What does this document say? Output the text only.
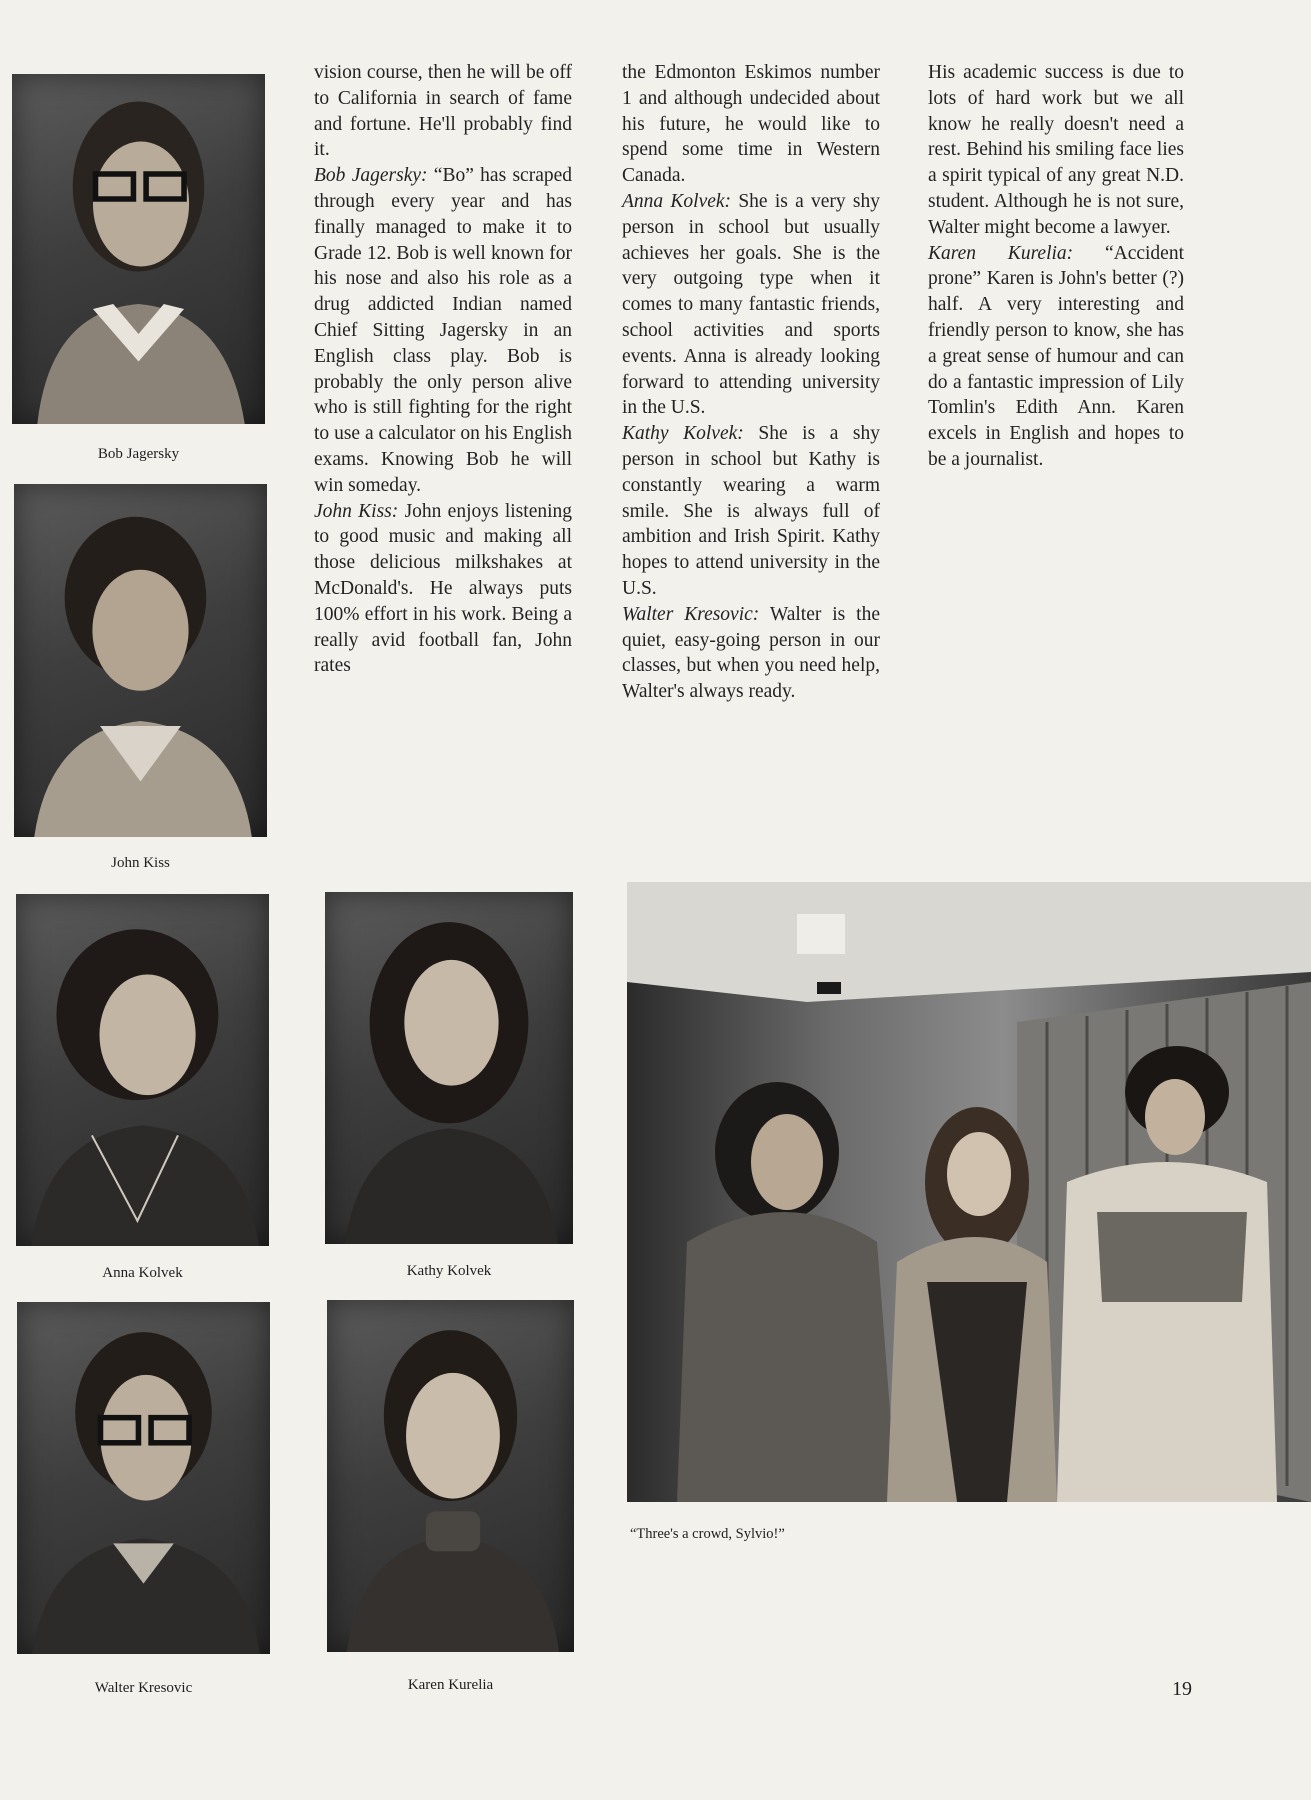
Bob Jagersky
John Kiss
Anna Kolvek	Kathy Kolvek
Walter Kresovic	Karen Kurelia

vision course, then he will be off to California in search of fame and fortune. He'll probably find it.

Bob Jagersky: “Bo” has scraped through every year and has finally managed to make it to Grade 12. Bob is well known for his nose and also his role as a drug addicted Indian named Chief Sitting Jagersky in an English class play. Bob is probably the only person alive who is still fighting for the right to use a calculator on his English exams. Knowing Bob he will win someday.

John Kiss: John enjoys listening to good music and making all those delicious milkshakes at McDonald's. He always puts 100% effort in his work. Being a really avid football fan, John rates

the Edmonton Eskimos number 1 and although undecided about his future, he would like to spend some time in Western Canada.

Anna Kolvek: She is a very shy person in school but usually achieves her goals. She is the very outgoing type when it comes to many fantastic friends, school activities and sports events. Anna is already looking forward to attending university in the U.S.

Kathy Kolvek: She is a shy person in school but Kathy is constantly wearing a warm smile. She is always full of ambition and Irish Spirit. Kathy hopes to attend university in the U.S.

Walter Kresovic: Walter is the quiet, easy-going person in our classes, but when you need help, Walter's always ready.

His academic success is due to lots of hard work but we all know he really doesn't need a rest. Behind his smiling face lies a spirit typical of any great N.D. student. Although he is not sure, Walter might become a lawyer.

Karen Kurelia: “Accident prone” Karen is John's better (?) half. A very interesting and friendly person to know, she has a great sense of humour and can do a fantastic impression of Lily Tomlin's Edith Ann. Karen excels in English and hopes to be a journalist.

“Three's a crowd, Sylvio!”
19
